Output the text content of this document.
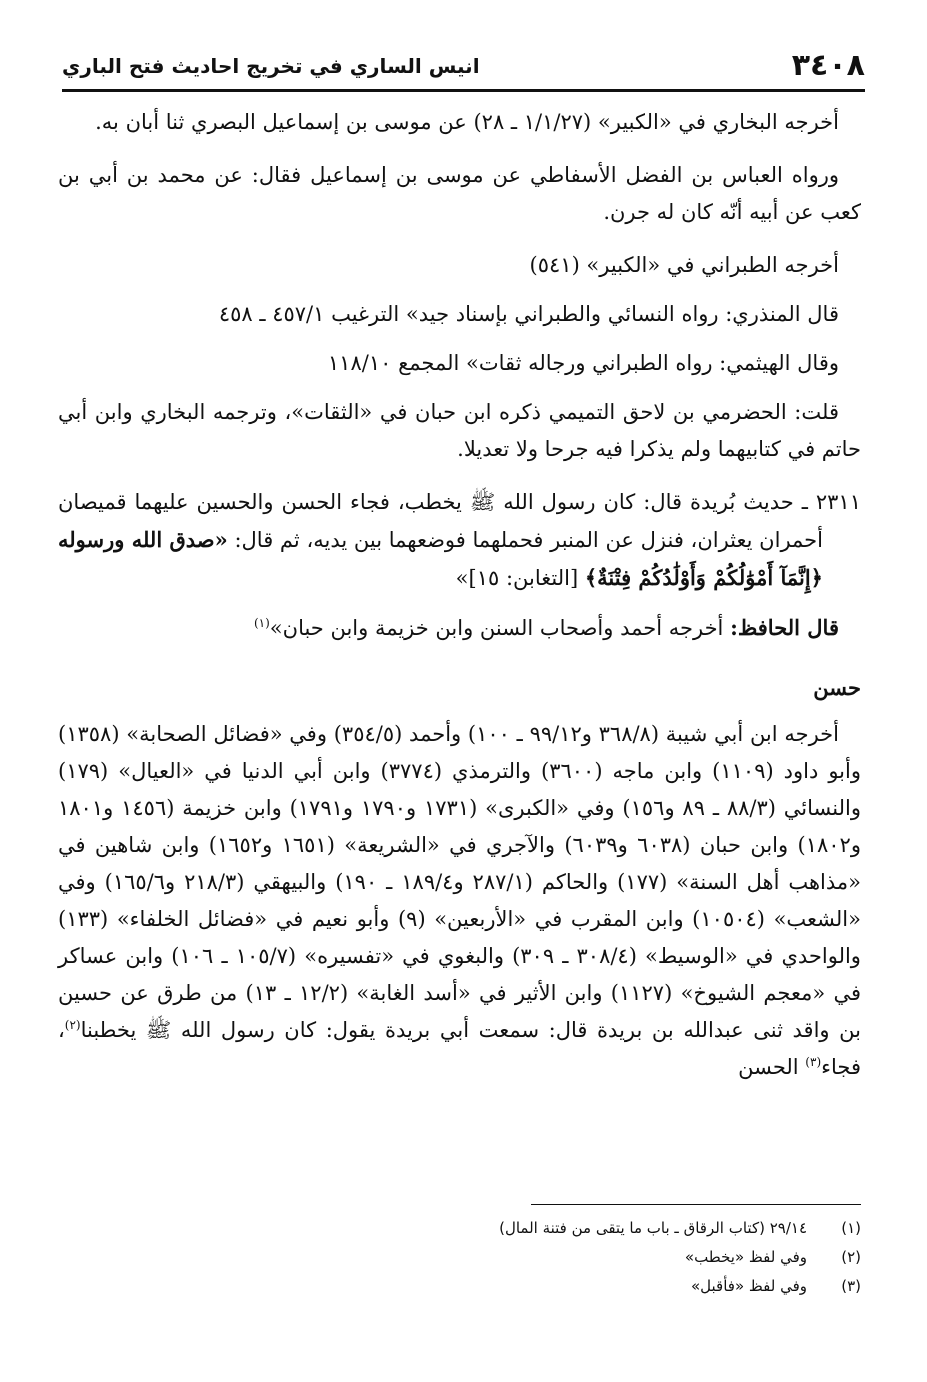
٣٤٠٨
انيس الساري في تخريج احاديث فتح الباري

أخرجه البخاري في «الكبير» (١/١/٢٧ ـ ٢٨) عن موسى بن إسماعيل البصري ثنا أبان به.

ورواه العباس بن الفضل الأسفاطي عن موسى بن إسماعيل فقال: عن محمد بن أبي بن كعب عن أبيه أنّه كان له جرن.

أخرجه الطبراني في «الكبير» (٥٤١)

قال المنذري: رواه النسائي والطبراني بإسناد جيد» الترغيب ٤٥٧/١ ـ ٤٥٨

وقال الهيثمي: رواه الطبراني ورجاله ثقات» المجمع ١١٨/١٠

قلت: الحضرمي بن لاحق التميمي ذكره ابن حبان في «الثقات»، وترجمه البخاري وابن أبي حاتم في كتابيهما ولم يذكرا فيه جرحا ولا تعديلا.

٢٣١١ ـ حديث بُريدة قال: كان رسول الله ﷺ يخطب، فجاء الحسن والحسين عليهما قميصان أحمران يعثران، فنزل عن المنبر فحملهما فوضعهما بين يديه، ثم قال: «صدق الله ورسوله ﴿إِنَّمَآ أَمْوَٰلُكُمْ وَأَوْلَٰدُكُمْ فِتْنَةٌ﴾ [التغابن: ١٥]»

قال الحافظ: أخرجه أحمد وأصحاب السنن وابن خزيمة وابن حبان»$^{(١)}$

حسن

أخرجه ابن أبي شيبة (٣٦٨/٨ و٩٩/١٢ ـ ١٠٠) وأحمد (٣٥٤/٥) وفي «فضائل الصحابة» (١٣٥٨) وأبو داود (١١٠٩) وابن ماجه (٣٦٠٠) والترمذي (٣٧٧٤) وابن أبي الدنيا في «العيال» (١٧٩) والنسائي (٨٨/٣ ـ ٨٩ و١٥٦) وفي «الكبرى» (١٧٣١ و١٧٩٠ و١٧٩١) وابن خزيمة (١٤٥٦ و١٨٠١ و١٨٠٢) وابن حبان (٦٠٣٨ و٦٠٣٩) والآجري في «الشريعة» (١٦٥١ و١٦٥٢) وابن شاهين في «مذاهب أهل السنة» (١٧٧) والحاكم (٢٨٧/١ و١٨٩/٤ ـ ١٩٠) والبيهقي (٢١٨/٣ و١٦٥/٦) وفي «الشعب» (١٠٥٠٤) وابن المقرب في «الأربعين» (٩) وأبو نعيم في «فضائل الخلفاء» (١٣٣) والواحدي في «الوسيط» (٣٠٨/٤ ـ ٣٠٩) والبغوي في «تفسيره» (١٠٥/٧ ـ ١٠٦) وابن عساكر في «معجم الشيوخ» (١١٢٧) وابن الأثير في «أسد الغابة» (١٢/٢ ـ ١٣) من طرق عن حسين بن واقد ثنى عبدالله بن بريدة قال: سمعت أبي بريدة يقول: كان رسول الله ﷺ يخطبنا$^{(٢)}$، فجاء$^{(٣)}$ الحسن

(١)
٢٩/١٤ (كتاب الرقاق ـ باب ما يتقى من فتنة المال)
(٢)
وفي لفظ «يخطب»
(٣)
وفي لفظ «فأقبل»
